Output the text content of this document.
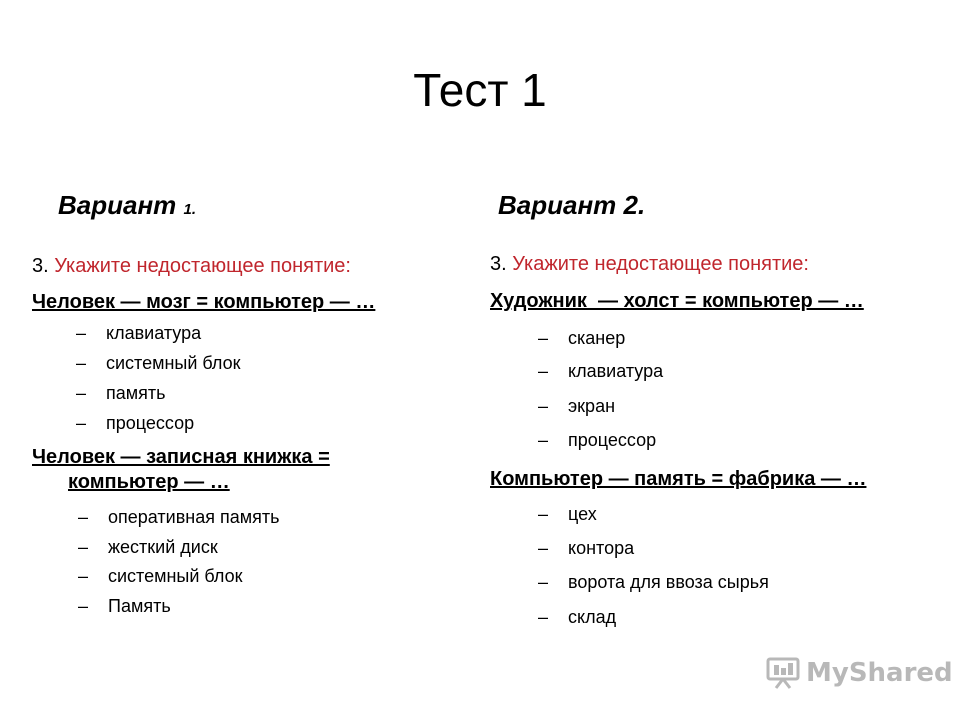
Тест 1
Вариант 1.
3. Укажите недостающее понятие:
Человек — мозг = компьютер — …
– клавиатура
– системный блок
– память
– процессор
Человек — записная книжка =
компьютер — …
– оперативная память
– жесткий диск
– системный блок
– Память
Вариант 2.
3. Укажите недостающее понятие:
Художник  — холст = компьютер — …
– сканер
– клавиатура
– экран
– процессор
Компьютер — память = фабрика — …
– цех
– контора
– ворота для ввоза сырья
– склад
MyShared
